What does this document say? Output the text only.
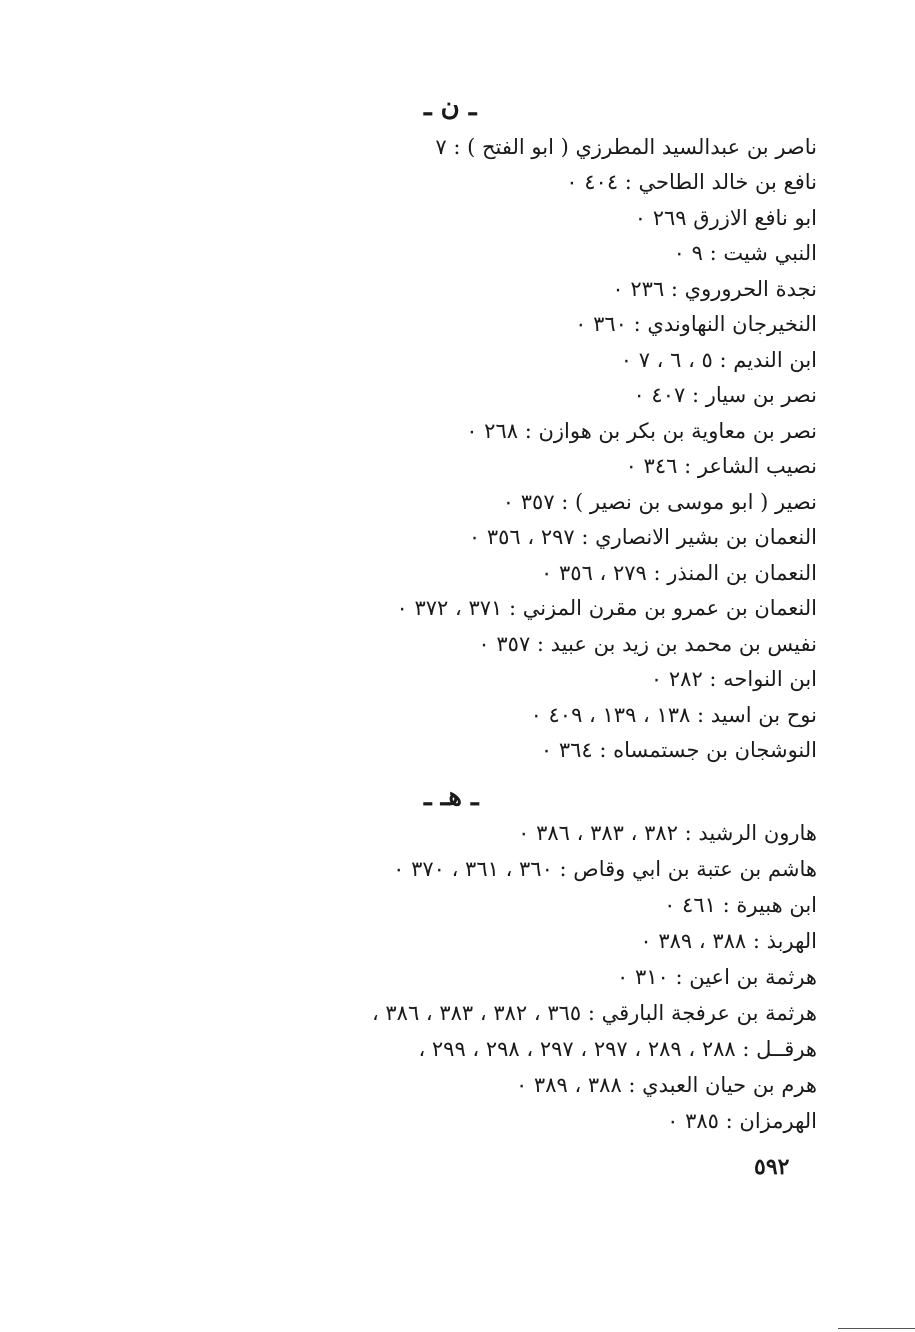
ـ ن ـ
ناصر بن عبدالسيد المطرزي ( ابو الفتح ) : ٧
نافع بن خالد الطاحي : ٤٠٤ ٠
ابو نافع الازرق ٢٦٩ ٠
النبي شيت : ٩ ٠
نجدة الحروروي : ٢٣٦ ٠
النخيرجان النهاوندي : ٣٦٠ ٠
ابن النديم : ٥ ، ٦ ، ٧ ٠
نصر بن سيار : ٤٠٧ ٠
نصر بن معاوية بن بكر بن هوازن : ٢٦٨ ٠
نصيب الشاعر : ٣٤٦ ٠
نصير ( ابو موسى بن نصير ) : ٣٥٧ ٠
النعمان بن بشير الانصاري : ٢٩٧ ، ٣٥٦ ٠
النعمان بن المنذر : ٢٧٩ ، ٣٥٦ ٠
النعمان بن عمرو بن مقرن المزني : ٣٧١ ، ٣٧٢ ٠
نفيس بن محمد بن زيد بن عبيد : ٣٥٧ ٠
ابن النواحه : ٢٨٢ ٠
نوح بن اسيد : ١٣٨ ، ١٣٩ ، ٤٠٩ ٠
النوشجان بن جستمساه : ٣٦٤ ٠
ـ هـ ـ
هارون الرشيد : ٣٨٢ ، ٣٨٣ ، ٣٨٦ ٠
هاشم بن عتبة بن ابي وقاص : ٣٦٠ ، ٣٦١ ، ٣٧٠ ٠
ابن هبيرة : ٤٦١ ٠
الهربذ : ٣٨٨ ، ٣٨٩ ٠
هرثمة بن اعين : ٣١٠ ٠
هرثمة بن عرفجة البارقي : ٣٦٥ ، ٣٨٢ ، ٣٨٣ ، ٣٨٦ ،
هرقــل : ٢٨٨ ، ٢٨٩ ، ٢٩٧ ، ٢٩٧ ، ٢٩٨ ، ٢٩٩ ،
هرم بن حيان العبدي : ٣٨٨ ، ٣٨٩ ٠
الهرمزان : ٣٨٥ ٠
٥٩٢
